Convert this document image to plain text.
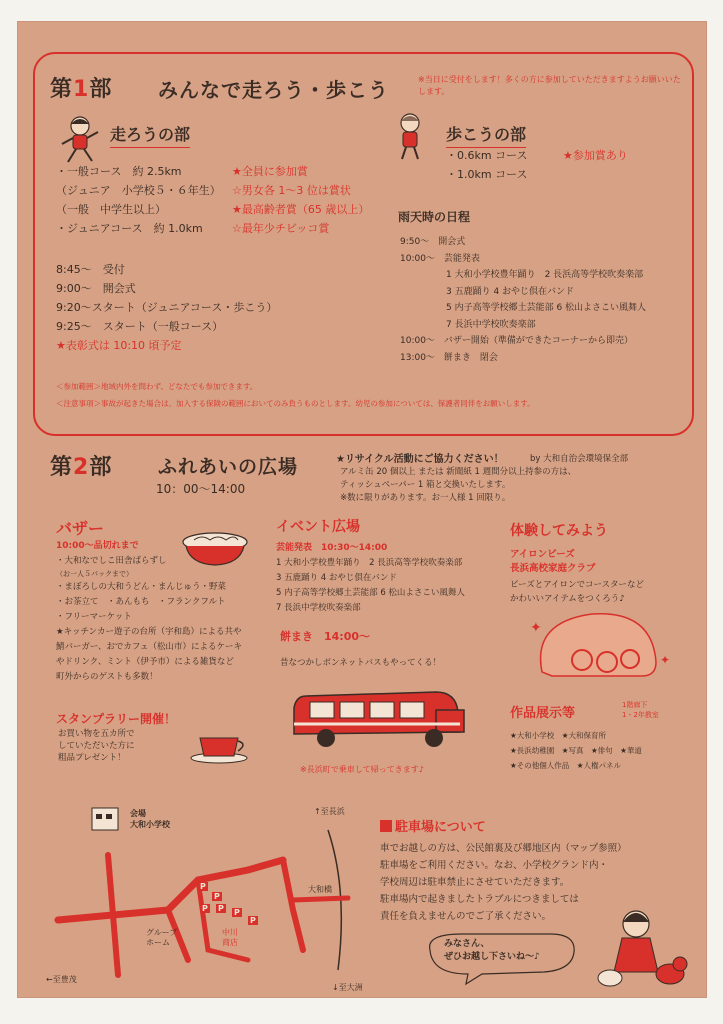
第1部 みんなで走ろう・歩こう	※当日に受付をします！多くの方に参加していただきますようお願いいたします。
走ろうの部
・一般コース　約 2.5km
（ジュニア　小学校５・６年生）
（一般　中学生以上）
・ジュニアコース　約 1.0km
★全員に参加賞
☆男女各 1～3 位は賞状
★最高齢者賞（65 歳以上）
☆最年少チビッコ賞
歩こうの部
・0.6km コース
・1.0km コース
★参加賞あり
8:45～　受付
9:00～　開会式
9:20～スタート（ジュニアコース・歩こう）
9:25～　スタート（一般コース）
★表彰式は 10:10 頃予定
雨天時の日程
9:50～　開会式
10:00～　芸能発表
1 大和小学校豊年踊り　2 長浜高等学校吹奏楽部
3 五鹿踊り 4 おやじ倶在バンド
5 内子高等学校郷土芸能部 6 松山よさこい風舞人
7 長浜中学校吹奏楽部
10:00～　バザー開始（準備ができたコーナーから即売）
13:00～　餅まき　閉会
＜参加範囲＞地域内外を問わず、どなたでも参加できます。
＜注意事項＞事故が起きた場合は、加入する保険の範囲においてのみ負うものとします。幼児の参加については、保護者同伴をお願いします。
第2部 ふれあいの広場
10：00～14:00
★リサイクル活動にご協力ください！	by 大和自治会環境保全部
アルミ缶 20 個以上 または 新聞紙 1 週間分以上持参の方は、
ティッシュペーパー 1 箱と交換いたします。
※数に限りがあります。お一人様 1 回限り。
バザー
10:00～品切れまで
・大和なでしこ田舎ばらずし
（お一人５パックまで）
・まぼろしの大和うどん・まんじゅう・野菜
・お茶立て　・あんもち　・フランクフルト
・フリーマーケット
★キッチンカー遊子の台所（宇和島）による共や
鯖バーガー、おでカフェ（松山市）によるケーキ
やドリンク、ミント（伊予市）による雑貨など
町外からのゲストも多数！
スタンプラリー開催！
お買い物を五カ所で
していただいた方に
粗品プレゼント！
イベント広場
芸能発表　10:30～14:00
1 大和小学校豊年踊り　2 長浜高等学校吹奏楽部
3 五鹿踊り 4 おやじ倶在バンド
5 内子高等学校郷土芸能部 6 松山よさこい風舞人
7 長浜中学校吹奏楽部
餅まき　14:00～
昔なつかしボンネットバスもやってくる！
※長浜町で乗車して帰ってきます♪
体験してみよう
アイロンビーズ
長浜高校家庭クラブ
ビーズとアイロンでコースターなど
かわいいアイテムをつくろう♪
✦
✦
作品展示等
1階廊下
1・2年教室
★大和小学校　★大和保育所
★長浜幼稚園　★写真　★俳句　★華道
★その他個人作品　★人権パネル
会場
大和小学校
↑至長浜
大和橋
グループ
ホーム
中川
商店
←至豊茂
↓至大洲
P
P
P P P
P
駐車場について
車でお越しの方は、公民館裏及び郷地区内（マップ参照）
駐車場をご利用ください。なお、小学校グランド内・
学校周辺は駐車禁止にさせていただきます。
駐車場内で起きましたトラブルにつきましては
責任を負えませんのでご了承ください。
みなさん、
ぜひお越し下さいね～♪
